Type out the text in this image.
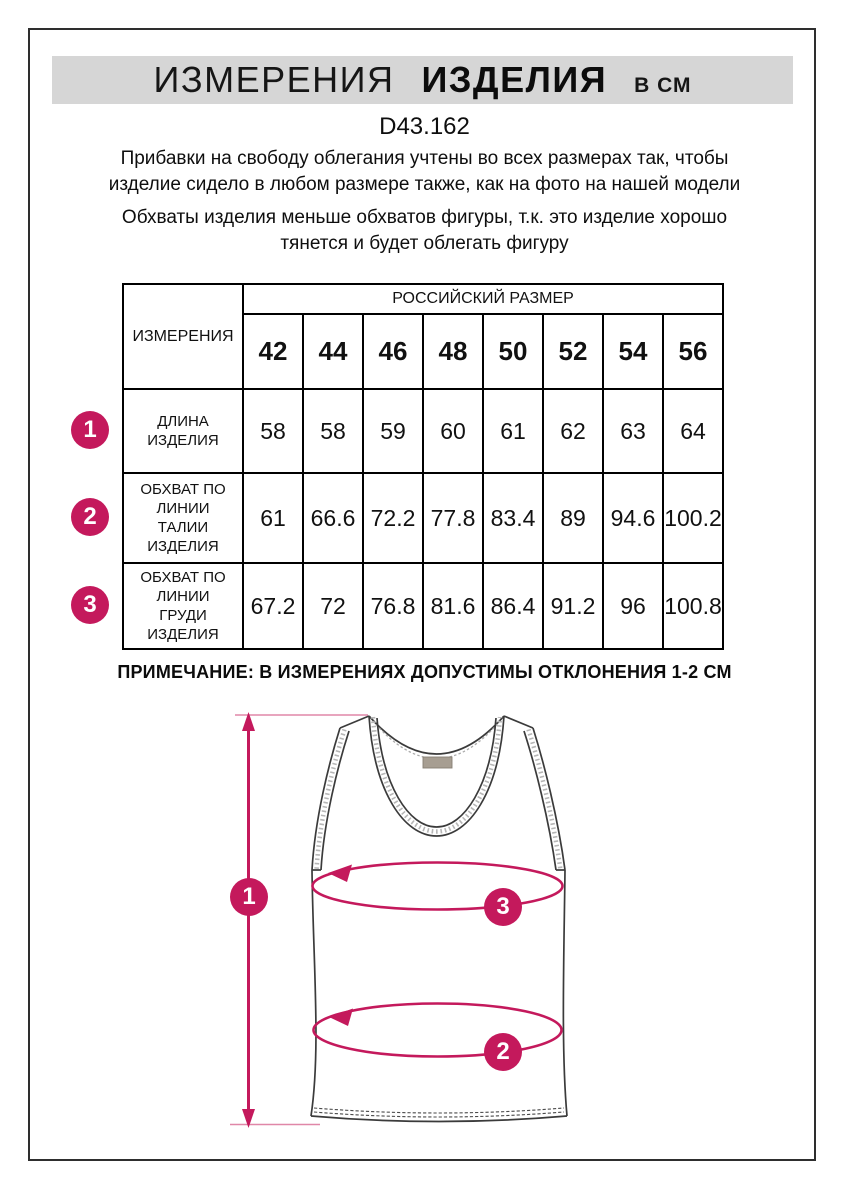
ИЗМЕРЕНИЯ ИЗДЕЛИЯ В СМ
D43.162
Прибавки на свободу облегания учтены во всех размерах так, чтобы изделие сидело в любом размере также, как на фото на нашей модели
Обхваты изделия меньше обхватов фигуры, т.к. это изделие хорошо тянется и будет облегать фигуру
ИЗМЕРЕНИЯ	РОССИЙСКИЙ РАЗМЕР							
	42	44	46	48	50	52	54	56
ДЛИНА ИЗДЕЛИЯ	58	58	59	60	61	62	63	64
ОБХВАТ ПО ЛИНИИ ТАЛИИ ИЗДЕЛИЯ	61	66.6	72.2	77.8	83.4	89	94.6	100.2
ОБХВАТ ПО ЛИНИИ ГРУДИ ИЗДЕЛИЯ	67.2	72	76.8	81.6	86.4	91.2	96	100.8
1
2
3
ПРИМЕЧАНИЕ: В ИЗМЕРЕНИЯХ ДОПУСТИМЫ ОТКЛОНЕНИЯ 1-2 СМ
1	3
2
